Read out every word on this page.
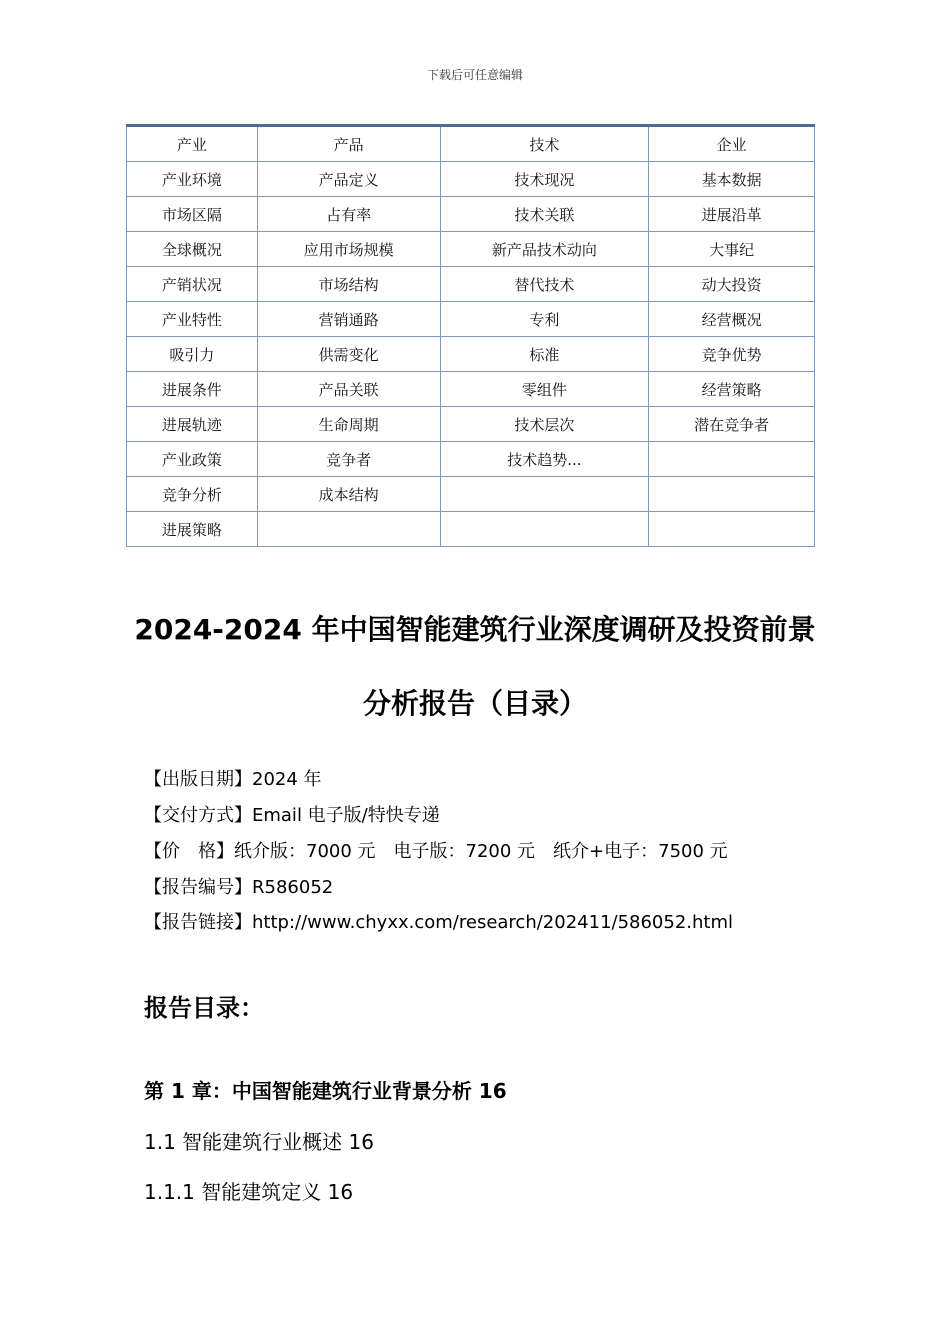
下载后可任意编辑
产业	产品	技术	企业
产业环境	产品定义	技术现况	基本数据
市场区隔	占有率	技术关联	进展沿革
全球概况	应用市场规模	新产品技术动向	大事纪
产销状况	市场结构	替代技术	动大投资
产业特性	营销通路	专利	经营概况
吸引力	供需变化	标准	竞争优势
进展条件	产品关联	零组件	经营策略
进展轨迹	生命周期	技术层次	潜在竞争者
产业政策	竞争者	技术趋势...	
竞争分析	成本结构		
进展策略			
2024-2024 年中国智能建筑行业深度调研及投资前景
分析报告（目录）
【出版日期】2024 年
【交付方式】Email 电子版/特快专递
【价　格】纸介版：7000 元　电子版：7200 元　纸介+电子：7500 元
【报告编号】R586052
【报告链接】http://www.chyxx.com/research/202411/586052.html
报告目录：
第 1 章：中国智能建筑行业背景分析 16
1.1 智能建筑行业概述 16
1.1.1 智能建筑定义 16
